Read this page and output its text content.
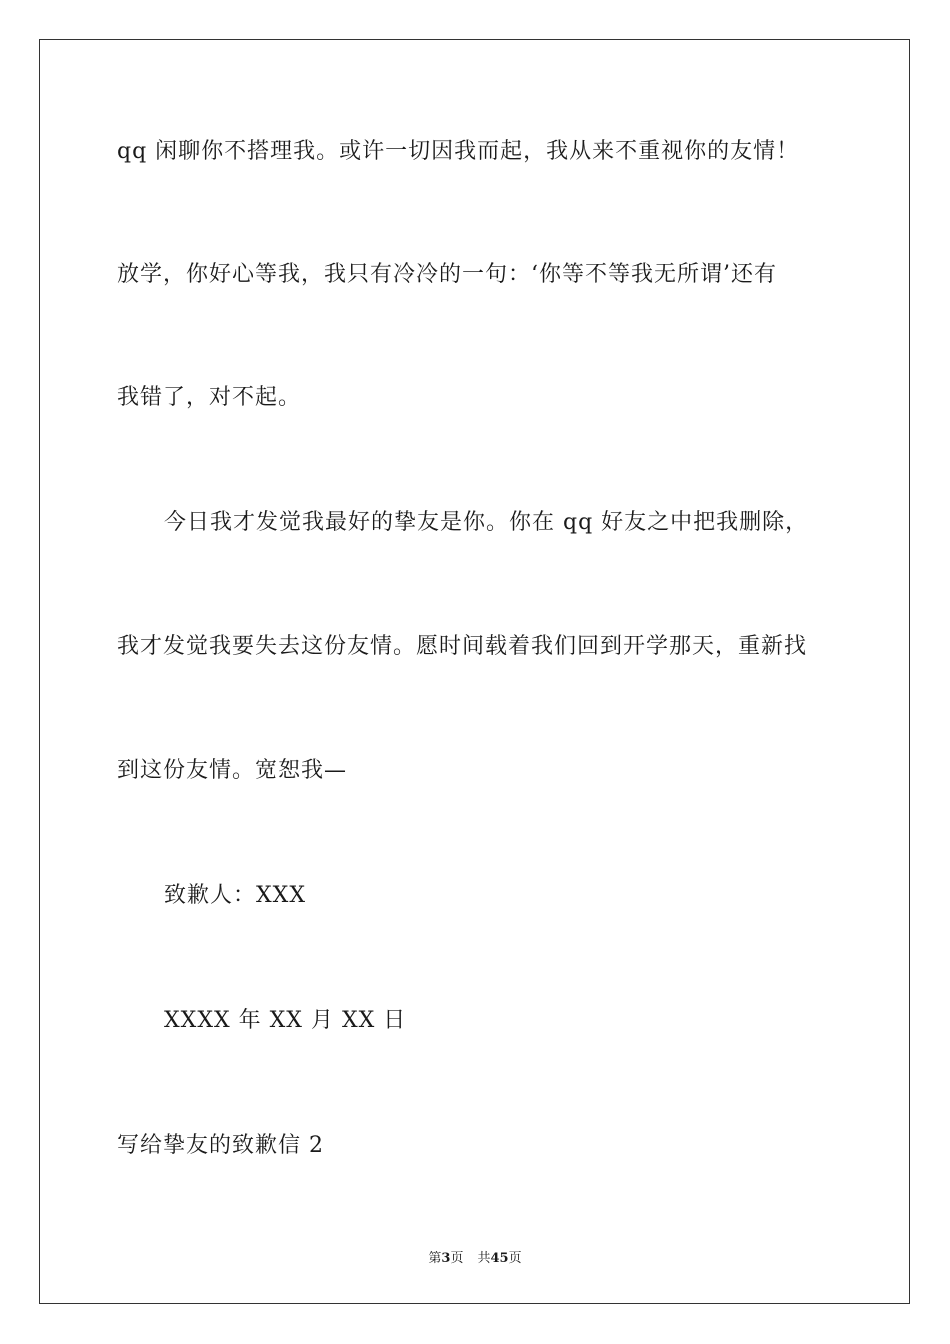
qq 闲聊你不搭理我。或许一切因我而起，我从来不重视你的友情！
放学，你好心等我，我只有冷冷的一句：‘你等不等我无所谓’还有
我错了，对不起。
今日我才发觉我最好的挚友是你。你在 qq 好友之中把我删除，
我才发觉我要失去这份友情。愿时间载着我们回到开学那天，重新找
到这份友情。宽恕我—
致歉人：XXX
XXXX 年 XX 月 XX 日
写给挚友的致歉信 2
第3页 共45页
